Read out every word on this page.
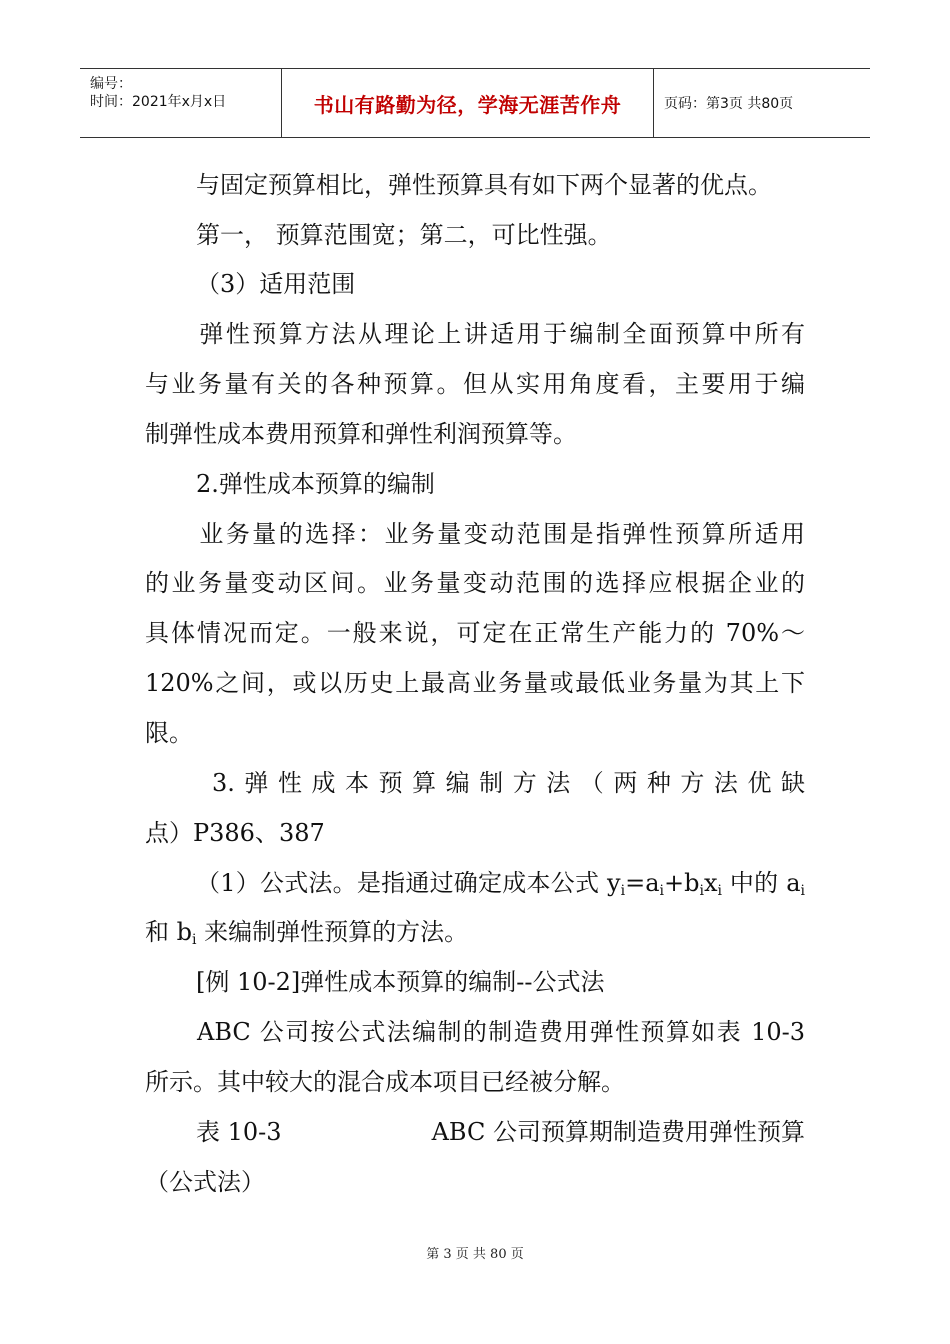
编号：
时间：2021年x月x日	书山有路勤为径，学海无涯苦作舟	页码：第3页 共80页
与固定预算相比，弹性预算具有如下两个显著的优点。
第一， 预算范围宽；第二，可比性强。
（3）适用范围
弹性预算方法从理论上讲适用于编制全面预算中所有
与业务量有关的各种预算。但从实用角度看，主要用于编
制弹性成本费用预算和弹性利润预算等。
2.弹性成本预算的编制
业务量的选择：业务量变动范围是指弹性预算所适用
的业务量变动区间。业务量变动范围的选择应根据企业的
具体情况而定。一般来说，可定在正常生产能力的 70%～
120%之间，或以历史上最高业务量或最低业务量为其上下
限。
3.弹性成本预算编制方法（两种方法优缺
点）P386、387
（1）公式法。是指通过确定成本公式 $y_i=a_i+b_ix_i$ 中的 $a_i$
和 $b_i$ 来编制弹性预算的方法。
[例 10-2]弹性成本预算的编制--公式法
ABC 公司按公式法编制的制造费用弹性预算如表 10-3
所示。其中较大的混合成本项目已经被分解。
表 10-3	ABC 公司预算期制造费用弹性预算
（公式法）
第 3 页 共 80 页
